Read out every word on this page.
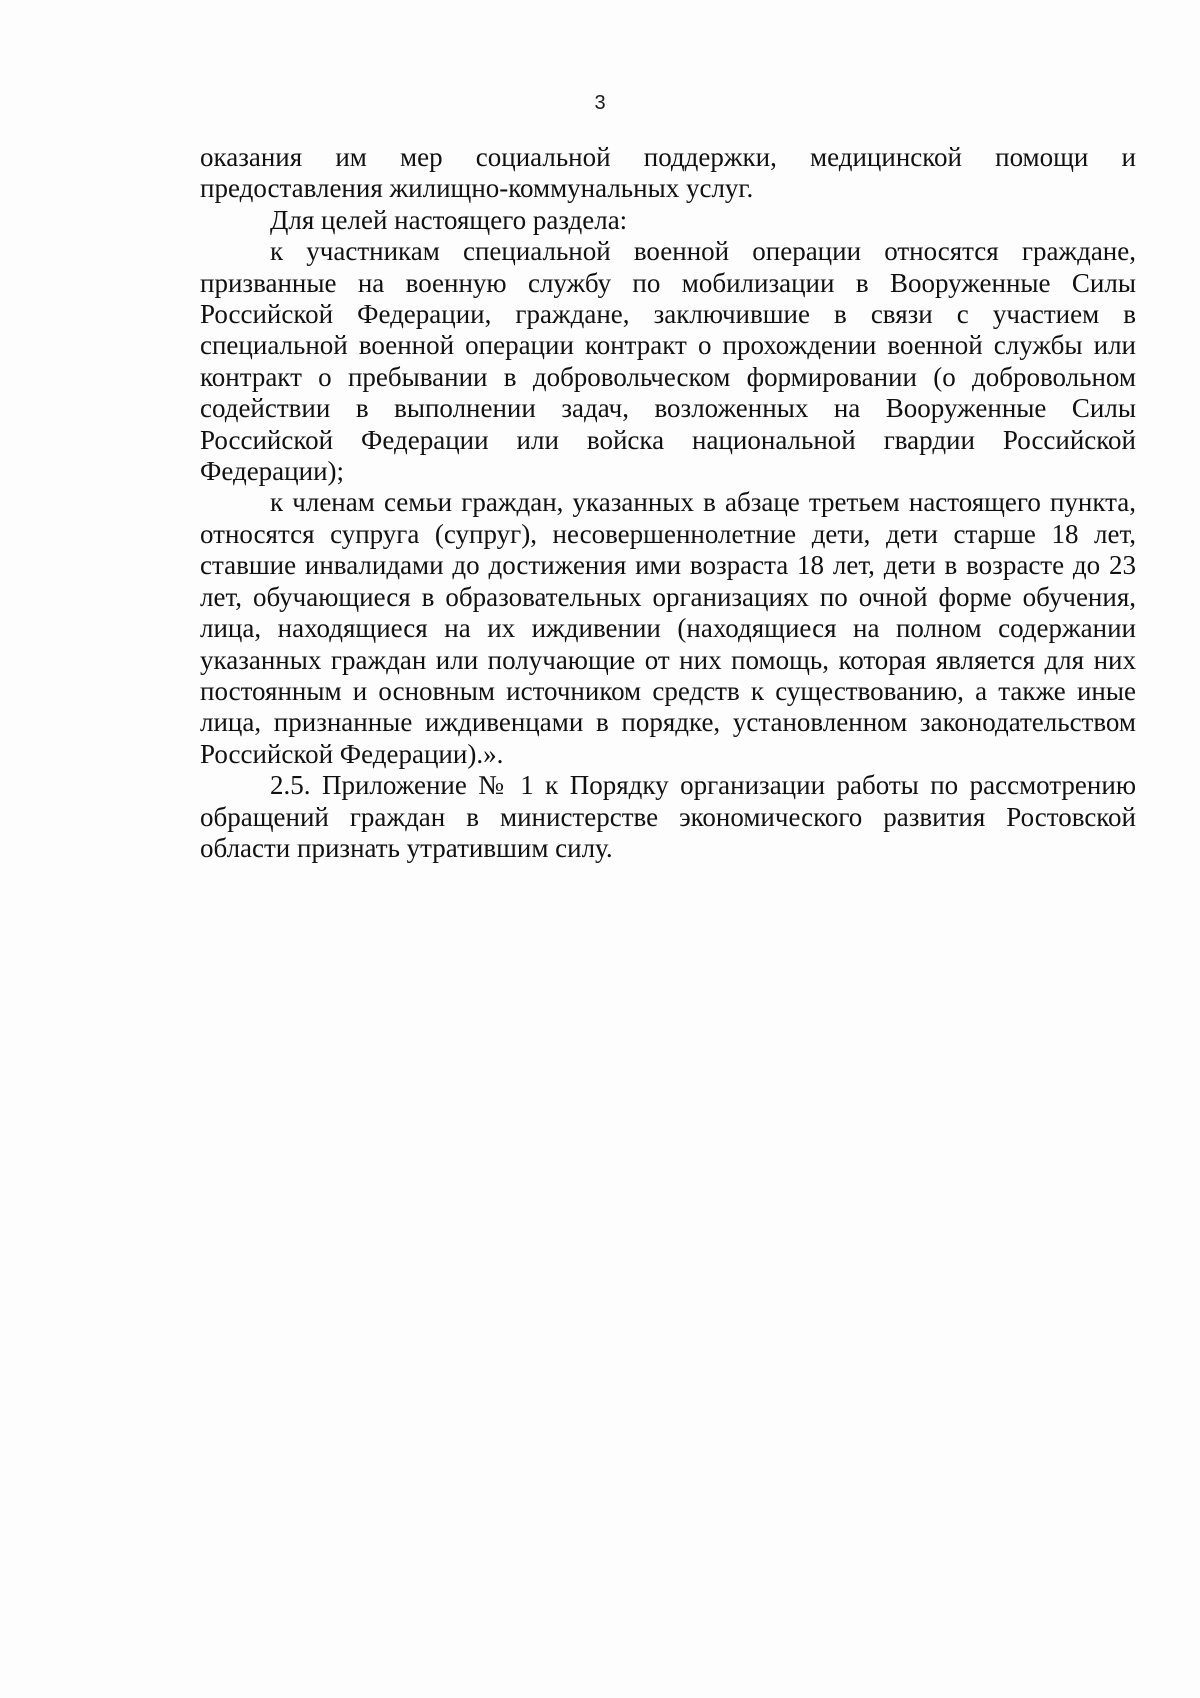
3

оказания им мер социальной поддержки, медицинской помощи и предоставления жилищно-коммунальных услуг.

Для целей настоящего раздела:

к участникам специальной военной операции относятся граждане, призванные на военную службу по мобилизации в Вооруженные Силы Российской Федерации, граждане, заключившие в связи с участием в специальной военной операции контракт о прохождении военной службы или контракт о пребывании в добровольческом формировании (о добровольном содействии в выполнении задач, возложенных на Вооруженные Силы Российской Федерации или войска национальной гвардии Российской Федерации);

к членам семьи граждан, указанных в абзаце третьем настоящего пункта, относятся супруга (супруг), несовершеннолетние дети, дети старше 18 лет, ставшие инвалидами до достижения ими возраста 18 лет, дети в возрасте до 23 лет, обучающиеся в образовательных организациях по очной форме обучения, лица, находящиеся на их иждивении (находящиеся на полном содержании указанных граждан или получающие от них помощь, которая является для них постоянным и основным источником средств к существованию, а также иные лица, признанные иждивенцами в порядке, установленном законодательством Российской Федерации).».

2.5. Приложение № 1 к Порядку организации работы по рассмотрению обращений граждан в министерстве экономического развития Ростовской области признать утратившим силу.
